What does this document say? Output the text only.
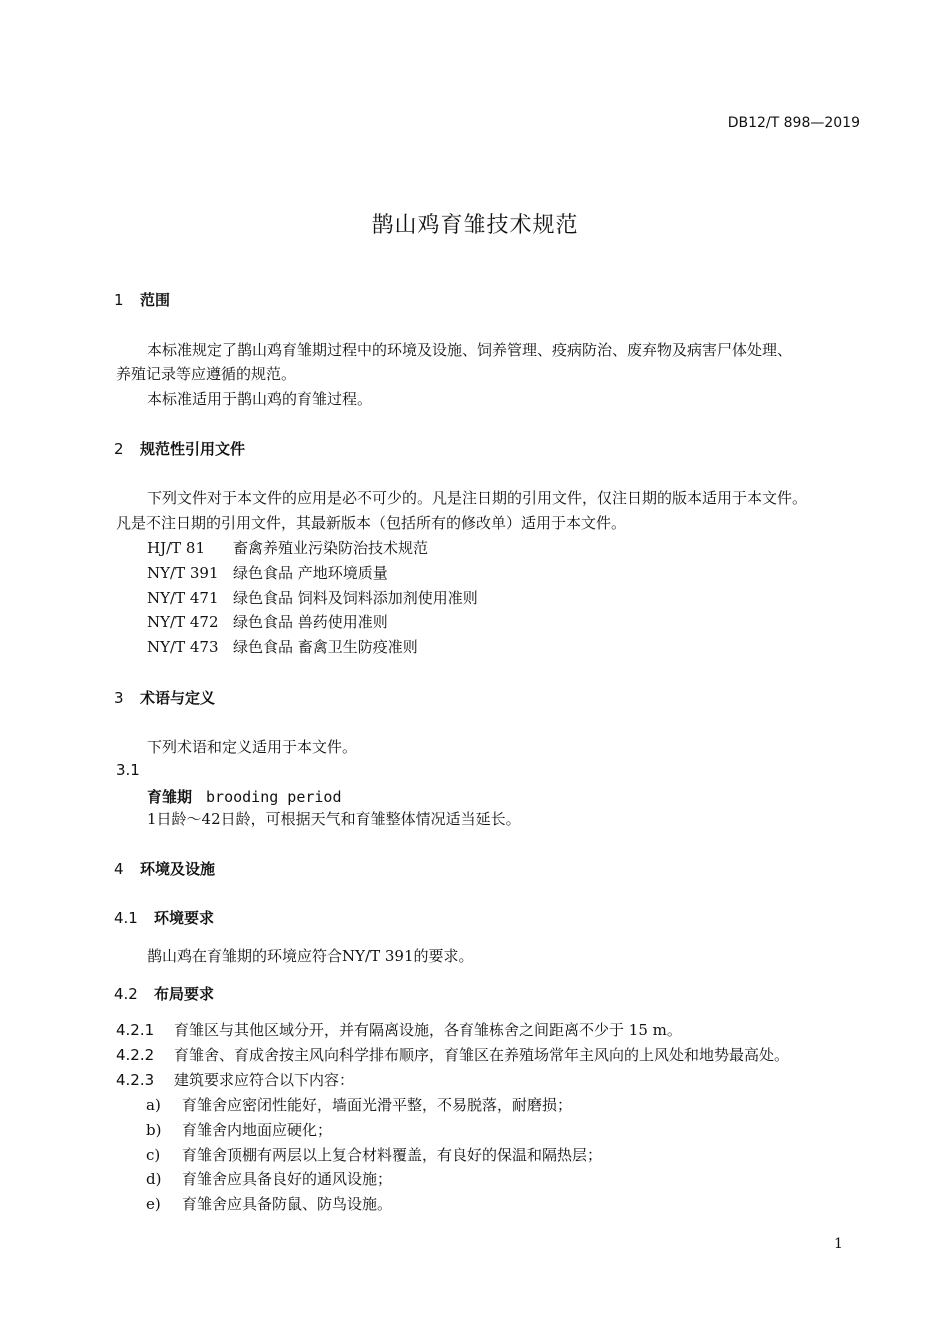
DB12/T 898—2019
鹊山鸡育雏技术规范
1 范围
本标准规定了鹊山鸡育雏期过程中的环境及设施、饲养管理、疫病防治、废弃物及病害尸体处理、
养殖记录等应遵循的规范。
本标准适用于鹊山鸡的育雏过程。
2 规范性引用文件
下列文件对于本文件的应用是必不可少的。凡是注日期的引用文件，仅注日期的版本适用于本文件。
凡是不注日期的引用文件，其最新版本（包括所有的修改单）适用于本文件。
HJ/T 81 畜禽养殖业污染防治技术规范
NY/T 391 绿色食品 产地环境质量
NY/T 471 绿色食品 饲料及饲料添加剂使用准则
NY/T 472 绿色食品 兽药使用准则
NY/T 473 绿色食品 畜禽卫生防疫准则
3 术语与定义
下列术语和定义适用于本文件。
3.1
育雏期 brooding period
1日龄～42日龄，可根据天气和育雏整体情况适当延长。
4 环境及设施
4.1 环境要求
鹊山鸡在育雏期的环境应符合NY/T 391的要求。
4.2 布局要求
4.2.1 育雏区与其他区域分开，并有隔离设施，各育雏栋舍之间距离不少于 15 m。
4.2.2 育雏舍、育成舍按主风向科学排布顺序，育雏区在养殖场常年主风向的上风处和地势最高处。
4.2.3 建筑要求应符合以下内容：
a) 育雏舍应密闭性能好，墙面光滑平整，不易脱落，耐磨损；
b) 育雏舍内地面应硬化；
c) 育雏舍顶棚有两层以上复合材料覆盖，有良好的保温和隔热层；
d) 育雏舍应具备良好的通风设施；
e) 育雏舍应具备防鼠、防鸟设施。
1
